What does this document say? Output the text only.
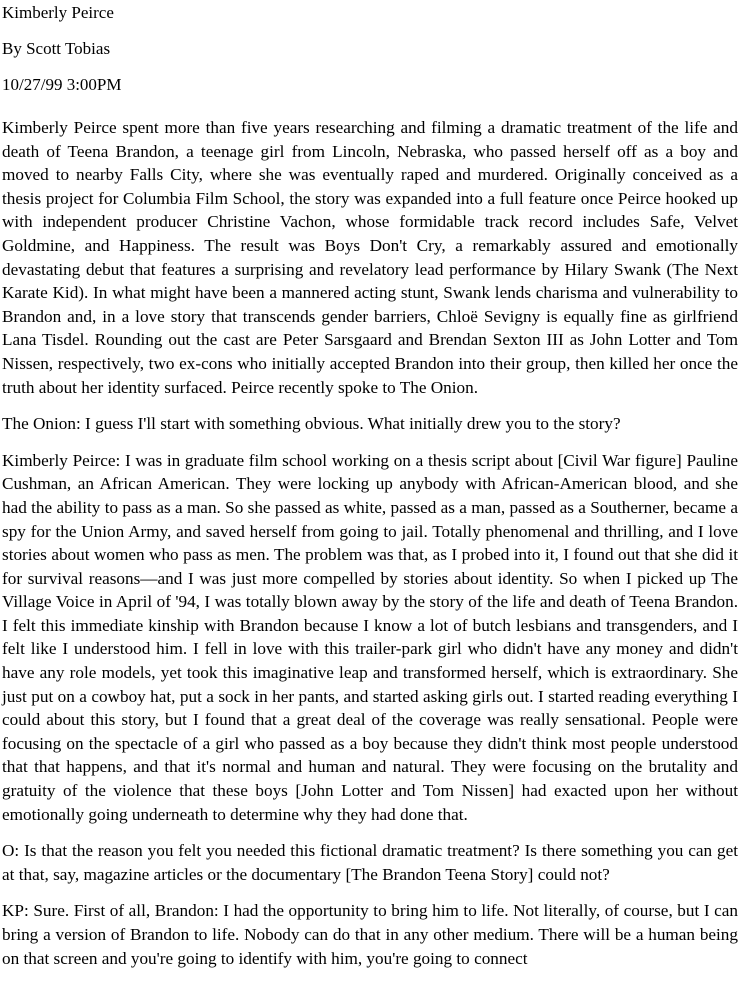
Kimberly Peirce

By Scott Tobias

10/27/99 3:00PM

Kimberly Peirce spent more than five years researching and filming a dramatic treatment of the life and death of Teena Brandon, a teenage girl from Lincoln, Nebraska, who passed herself off as a boy and moved to nearby Falls City, where she was eventually raped and murdered. Originally conceived as a thesis project for Columbia Film School, the story was expanded into a full feature once Peirce hooked up with independent producer Christine Vachon, whose formidable track record includes Safe, Velvet Goldmine, and Happiness. The result was Boys Don't Cry, a remarkably assured and emotionally devastating debut that features a surprising and revelatory lead performance by Hilary Swank (The Next Karate Kid). In what might have been a mannered acting stunt, Swank lends charisma and vulnerability to Brandon and, in a love story that transcends gender barriers, Chloë Sevigny is equally fine as girlfriend Lana Tisdel. Rounding out the cast are Peter Sarsgaard and Brendan Sexton III as John Lotter and Tom Nissen, respectively, two ex-cons who initially accepted Brandon into their group, then killed her once the truth about her identity surfaced. Peirce recently spoke to The Onion.

The Onion: I guess I'll start with something obvious. What initially drew you to the story?

Kimberly Peirce: I was in graduate film school working on a thesis script about [Civil War figure] Pauline Cushman, an African American. They were locking up anybody with African-American blood, and she had the ability to pass as a man. So she passed as white, passed as a man, passed as a Southerner, became a spy for the Union Army, and saved herself from going to jail. Totally phenomenal and thrilling, and I love stories about women who pass as men. The problem was that, as I probed into it, I found out that she did it for survival reasons—and I was just more compelled by stories about identity. So when I picked up The Village Voice in April of '94, I was totally blown away by the story of the life and death of Teena Brandon. I felt this immediate kinship with Brandon because I know a lot of butch lesbians and transgenders, and I felt like I understood him. I fell in love with this trailer-park girl who didn't have any money and didn't have any role models, yet took this imaginative leap and transformed herself, which is extraordinary. She just put on a cowboy hat, put a sock in her pants, and started asking girls out. I started reading everything I could about this story, but I found that a great deal of the coverage was really sensational. People were focusing on the spectacle of a girl who passed as a boy because they didn't think most people understood that that happens, and that it's normal and human and natural. They were focusing on the brutality and gratuity of the violence that these boys [John Lotter and Tom Nissen] had exacted upon her without emotionally going underneath to determine why they had done that.

O: Is that the reason you felt you needed this fictional dramatic treatment? Is there something you can get at that, say, magazine articles or the documentary [The Brandon Teena Story] could not?

KP: Sure. First of all, Brandon: I had the opportunity to bring him to life. Not literally, of course, but I can bring a version of Brandon to life. Nobody can do that in any other medium. There will be a human being on that screen and you're going to identify with him, you're going to connect
